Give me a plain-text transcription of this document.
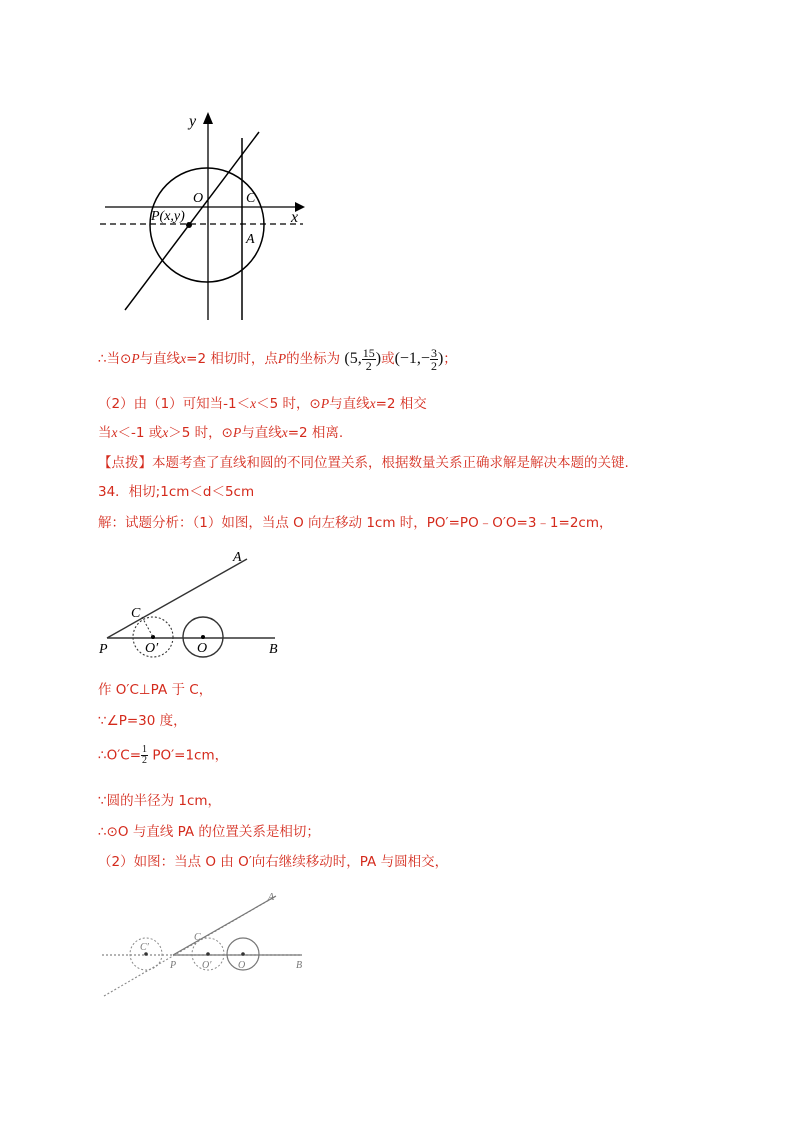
y
x
O	C
A
P(x,y)
∴当⊙P与直线x=2 相切时，点P的坐标为 (5, $\frac{15}{2}$ )或($-1,- \frac{3}{2}$ )；
（2）由（1）可知当-1＜x＜5 时，⊙P与直线x=2 相交
当x＜-1 或x＞5 时，⊙P与直线x=2 相离.
【点拨】本题考查了直线和圆的不同位置关系，根据数量关系正确求解是解决本题的关键.
34．相切;1cm＜d＜5cm
解：试题分析：（1）如图，当点 O 向左移动 1cm 时，PO′=PO﹣O′O=3﹣1=2cm，
A
C
P	O′	O	B
作 O′C⊥PA 于 C，
∵∠P=30 度，
∴O′C= $\frac{1}{2} PO'=1cm$，
∵圆的半径为 1cm，
∴⊙O 与直线 PA 的位置关系是相切；
（2）如图：当点 O 由 O′向右继续移动时，PA 与圆相交，
A
C
C′
P	O′	O	B
